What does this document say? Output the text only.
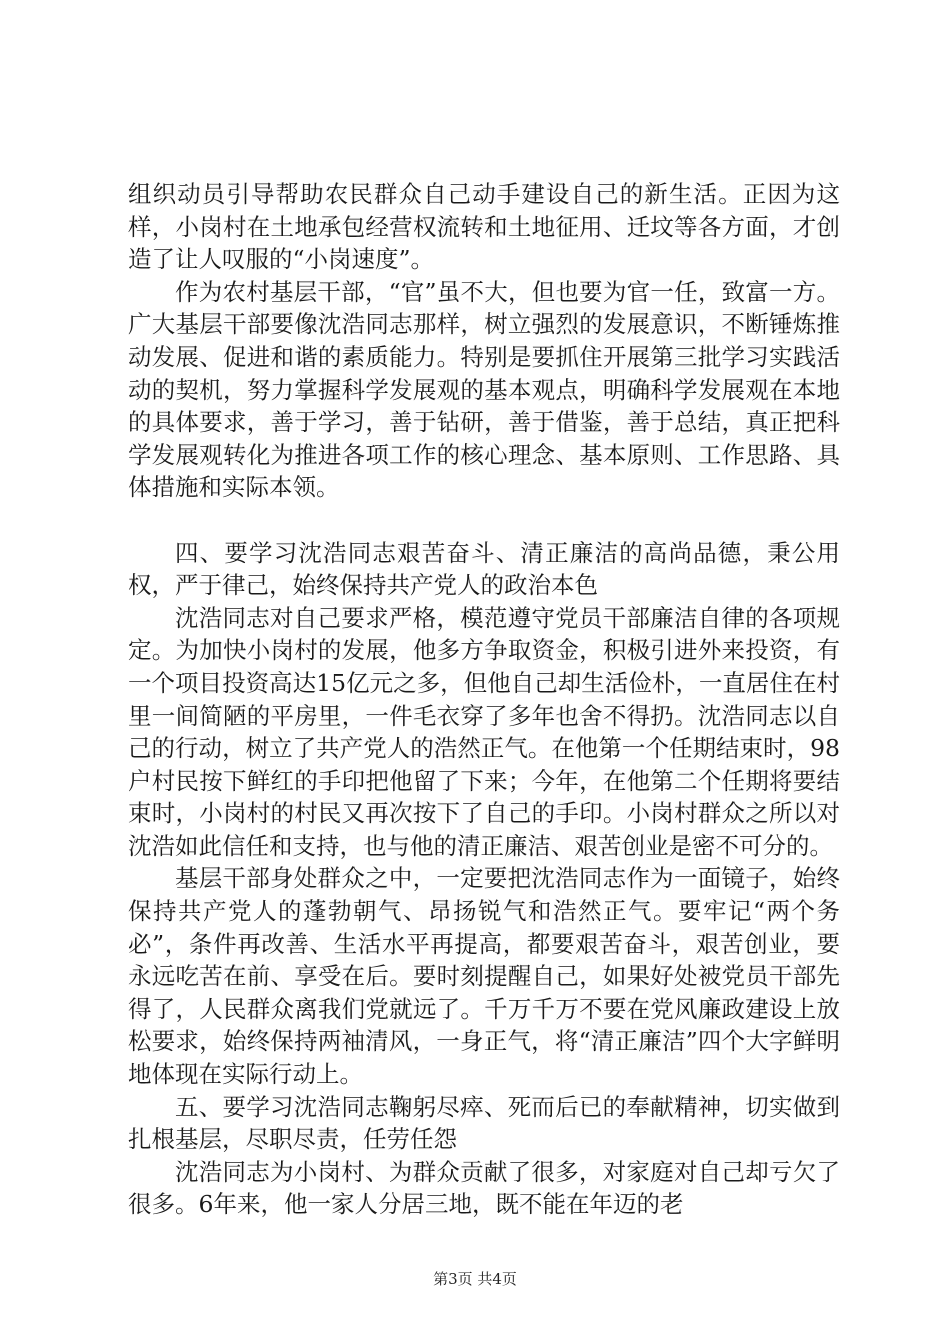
组织动员引导帮助农民群众自己动手建设自己的新生活。正因为这样，小岗村在土地承包经营权流转和土地征用、迁坟等各方面，才创造了让人叹服的“小岗速度”。

作为农村基层干部，“官”虽不大，但也要为官一任，致富一方。广大基层干部要像沈浩同志那样，树立强烈的发展意识，不断锤炼推动发展、促进和谐的素质能力。特别是要抓住开展第三批学习实践活动的契机，努力掌握科学发展观的基本观点，明确科学发展观在本地的具体要求，善于学习，善于钻研，善于借鉴，善于总结，真正把科学发展观转化为推进各项工作的核心理念、基本原则、工作思路、具体措施和实际本领。

四、要学习沈浩同志艰苦奋斗、清正廉洁的高尚品德，秉公用权，严于律己，始终保持共产党人的政治本色

沈浩同志对自己要求严格，模范遵守党员干部廉洁自律的各项规定。为加快小岗村的发展，他多方争取资金，积极引进外来投资，有一个项目投资高达15亿元之多，但他自己却生活俭朴，一直居住在村里一间简陋的平房里，一件毛衣穿了多年也舍不得扔。沈浩同志以自己的行动，树立了共产党人的浩然正气。在他第一个任期结束时，98户村民按下鲜红的手印把他留了下来；今年，在他第二个任期将要结束时，小岗村的村民又再次按下了自己的手印。小岗村群众之所以对沈浩如此信任和支持，也与他的清正廉洁、艰苦创业是密不可分的。

基层干部身处群众之中，一定要把沈浩同志作为一面镜子，始终保持共产党人的蓬勃朝气、昂扬锐气和浩然正气。要牢记“两个务必”，条件再改善、生活水平再提高，都要艰苦奋斗，艰苦创业，要永远吃苦在前、享受在后。要时刻提醒自己，如果好处被党员干部先得了，人民群众离我们党就远了。千万千万不要在党风廉政建设上放松要求，始终保持两袖清风，一身正气，将“清正廉洁”四个大字鲜明地体现在实际行动上。

五、要学习沈浩同志鞠躬尽瘁、死而后已的奉献精神，切实做到扎根基层，尽职尽责，任劳任怨

沈浩同志为小岗村、为群众贡献了很多，对家庭对自己却亏欠了很多。6年来，他一家人分居三地，既不能在年迈的老

第3页 共4页
